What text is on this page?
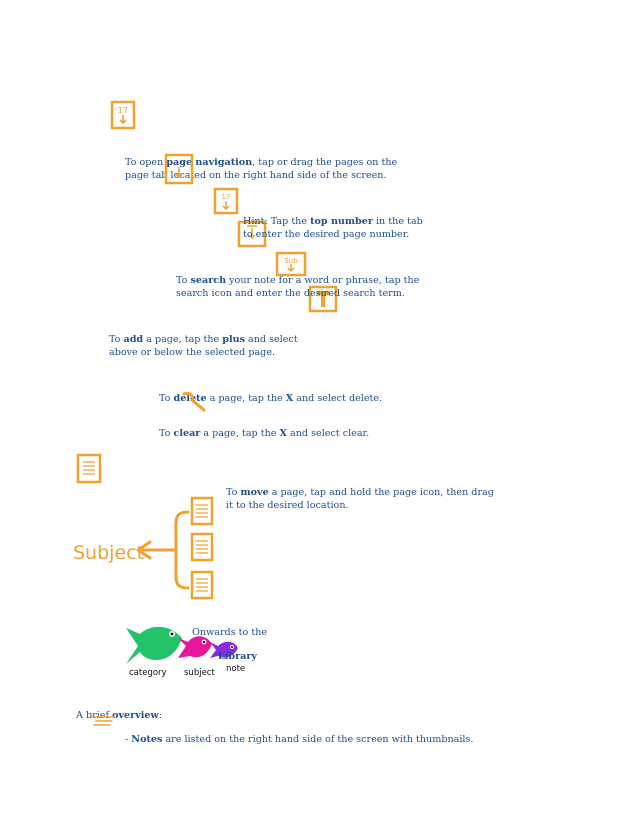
17
To open page navigation, tap or drag the pages on the
page tab located on the right hand side of the screen.
17
Hint: Tap the top number in the tab
to enter the desired page number.
Sub
To search your note for a word or phrase, tap the
search icon and enter the desired search term.
To add a page, tap the plus and select
above or below the selected page.
To delete a page, tap the X and select delete.
To clear a page, tap the X and select clear.
To move a page, tap and hold the page icon, then drag
it to the desired location.
Subject
Onwards to the
Library
category subject note
A brief overview:
- Notes are listed on the right hand side of the screen with thumbnails.
